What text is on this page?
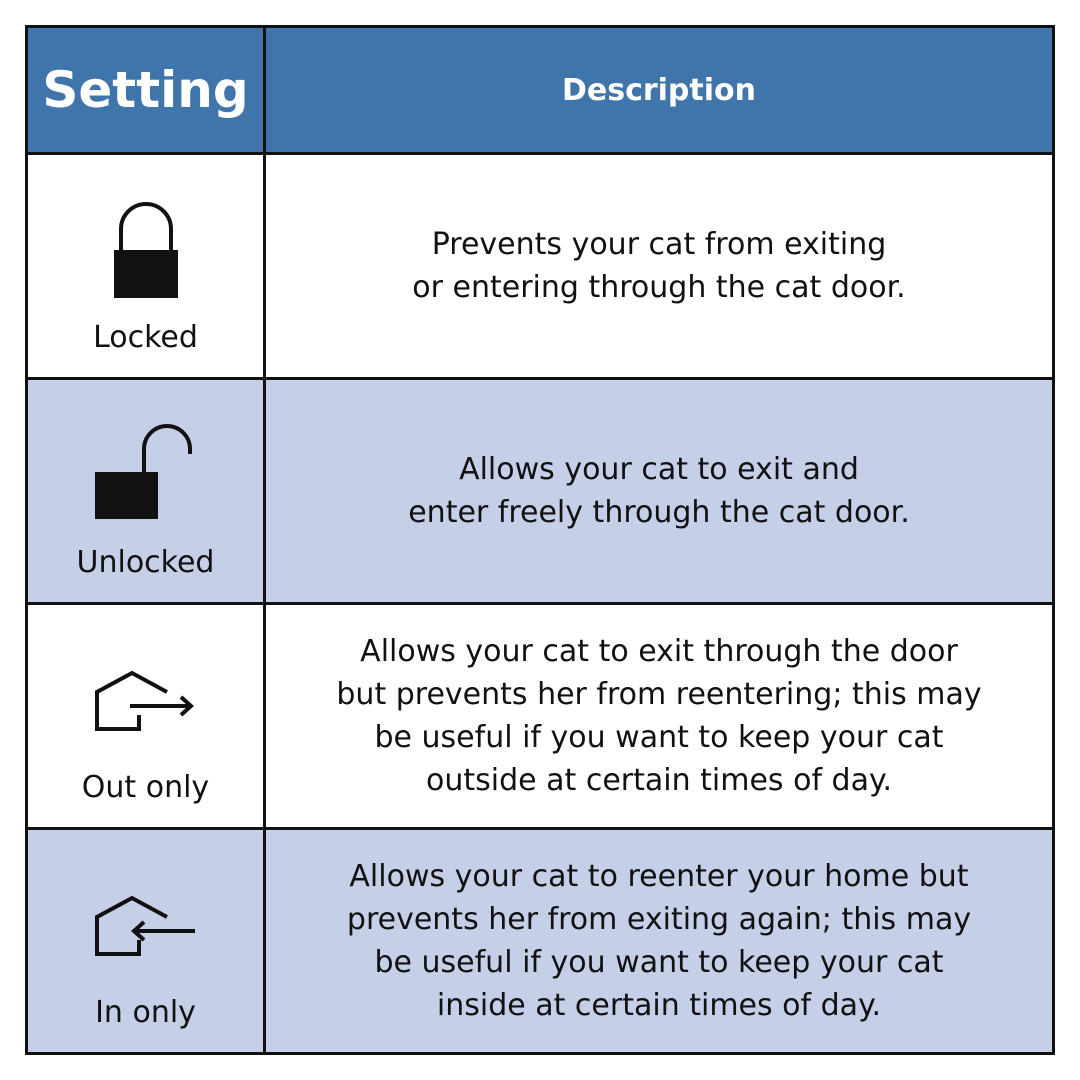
Setting	Description
Locked
Prevents your cat from exiting
or entering through the cat door.
Unlocked
Allows your cat to exit and
enter freely through the cat door.
Out only
Allows your cat to exit through the door
but prevents her from reentering; this may
be useful if you want to keep your cat
outside at certain times of day.
In only
Allows your cat to reenter your home but
prevents her from exiting again; this may
be useful if you want to keep your cat
inside at certain times of day.
